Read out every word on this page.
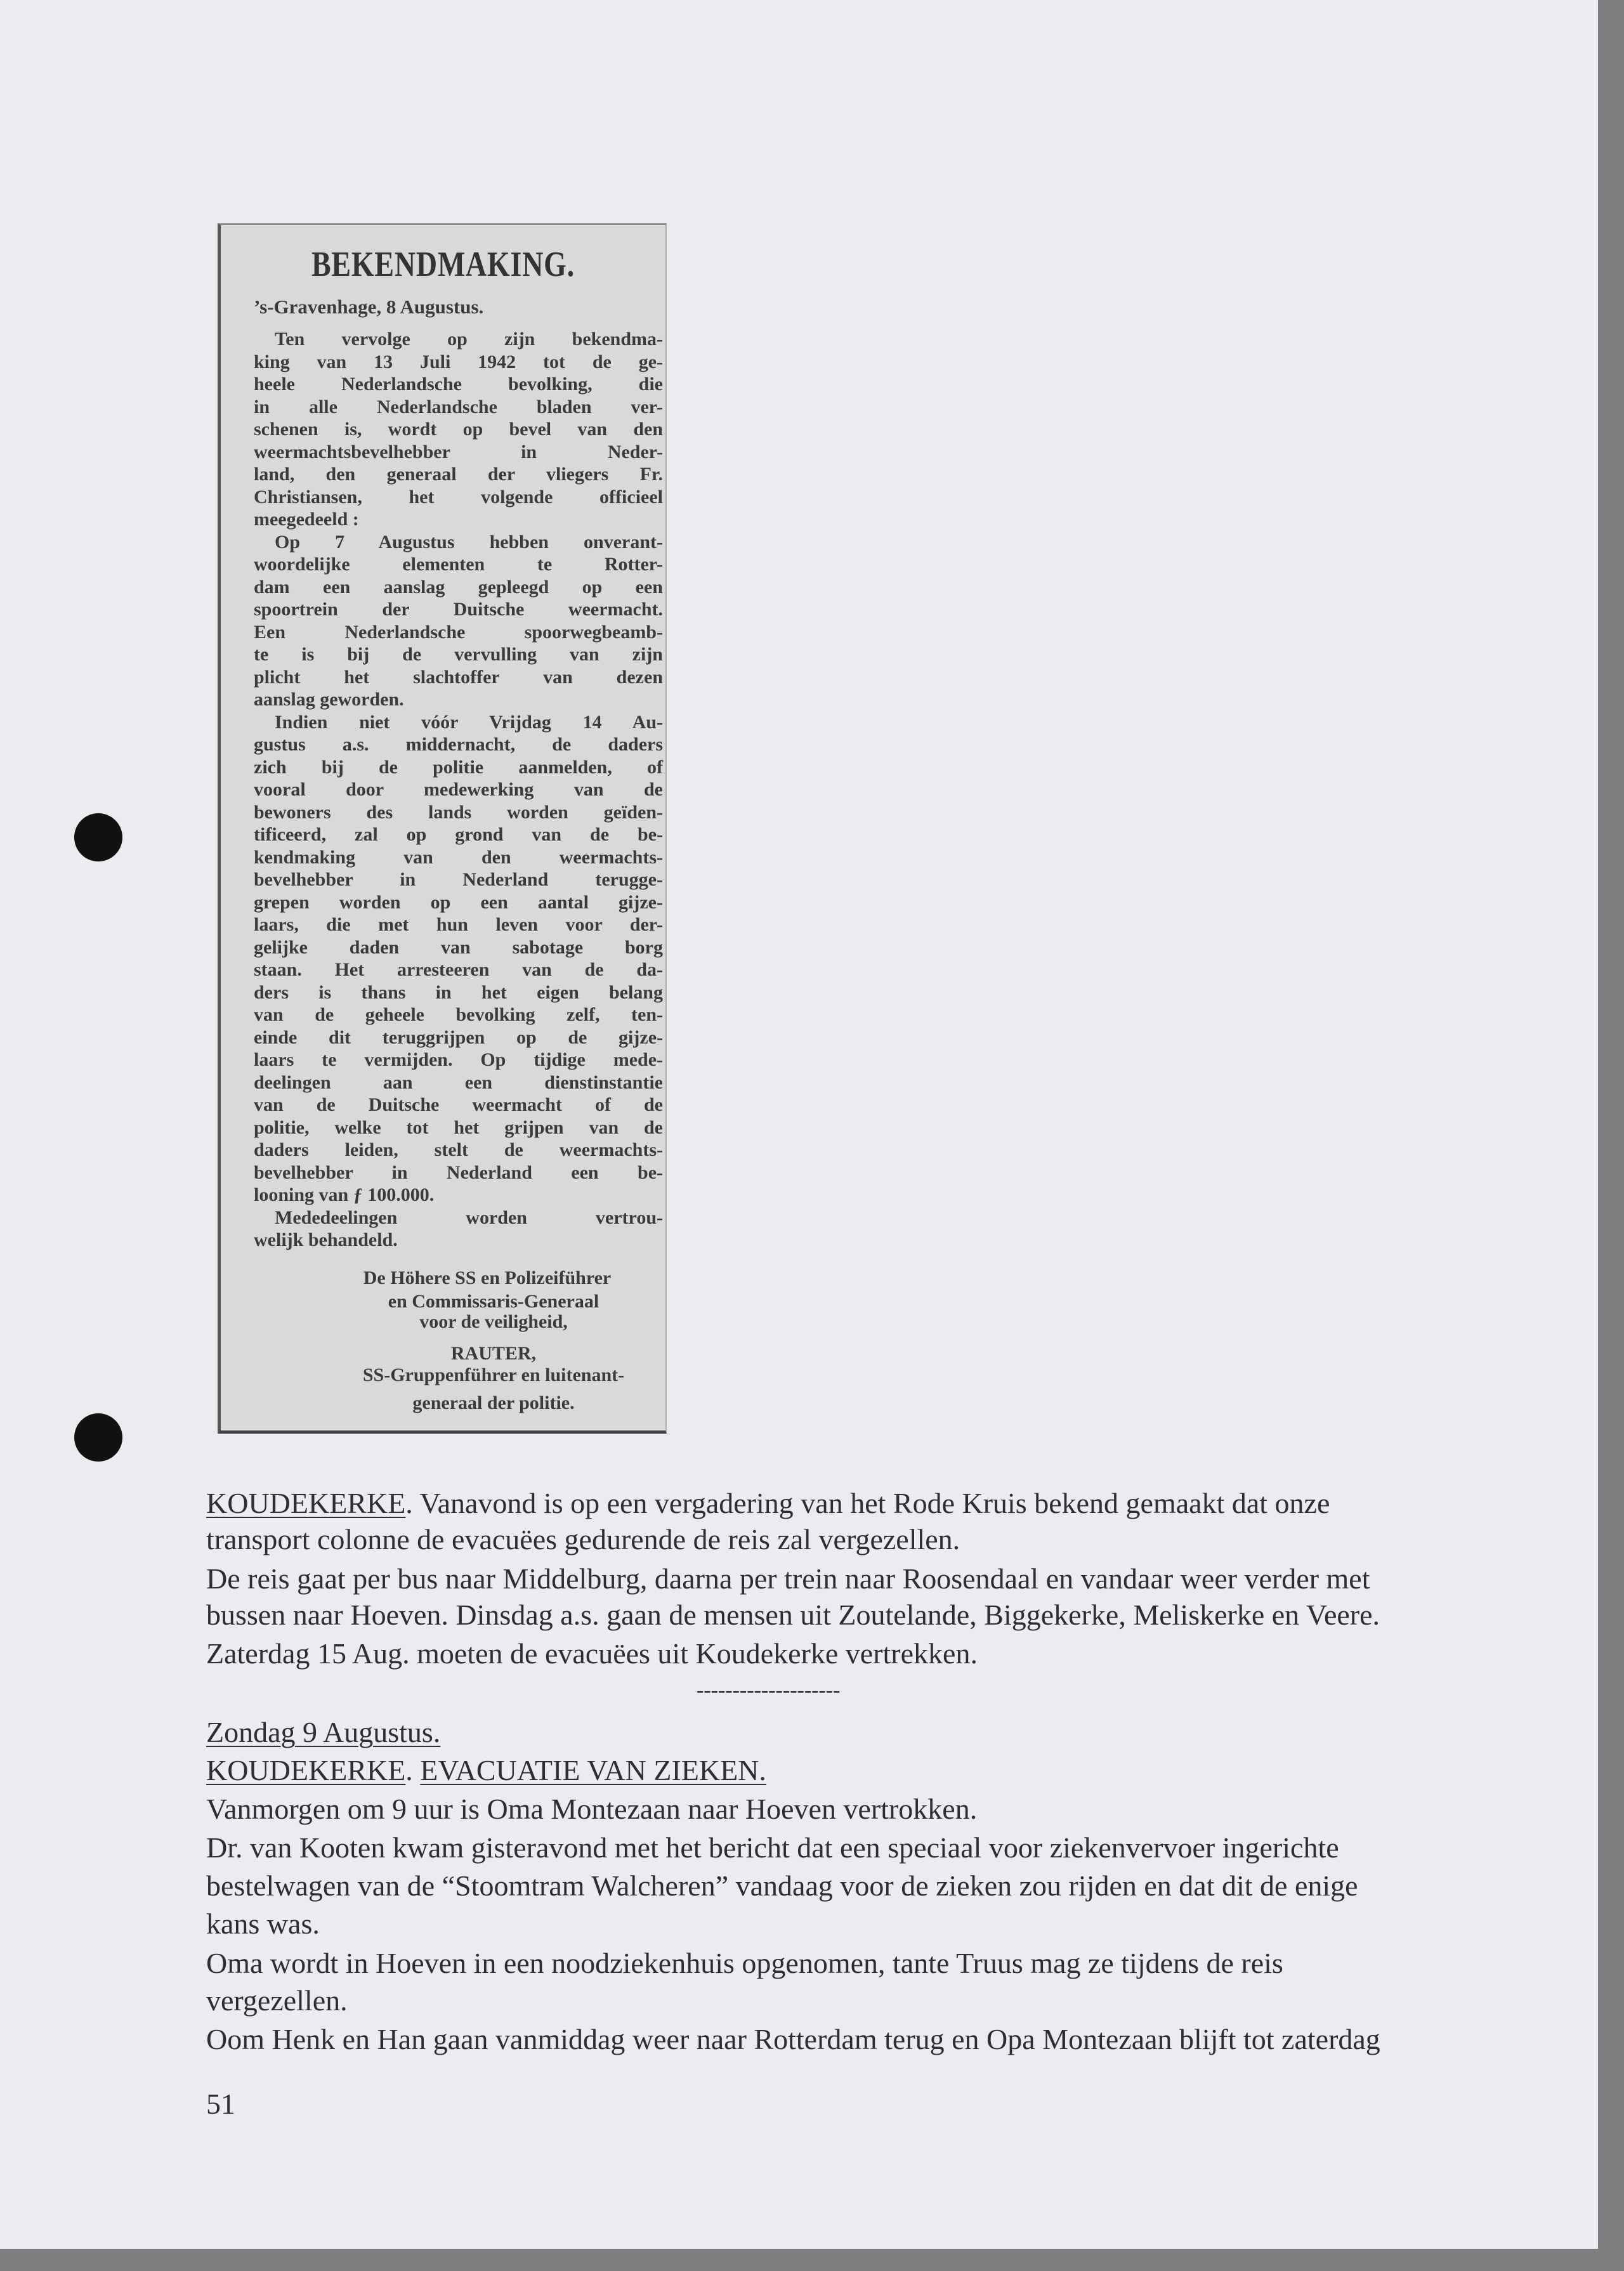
BEKENDMAKING.
’s-Gravenhage, 8 Augustus.
Ten vervolge op zijn bekendma-
king van 13 Juli 1942 tot de ge-
heele Nederlandsche bevolking, die
in alle Nederlandsche bladen ver-
schenen is, wordt op bevel van den
weermachtsbevelhebber in Neder-
land, den generaal der vliegers Fr.
Christiansen, het volgende officieel
meegedeeld :
Op 7 Augustus hebben onverant-
woordelijke elementen te Rotter-
dam een aanslag gepleegd op een
spoortrein der Duitsche weermacht.
Een Nederlandsche spoorwegbeamb-
te is bij de vervulling van zijn
plicht het slachtoffer van dezen
aanslag geworden.
Indien niet vóór Vrijdag 14 Au-
gustus a.s. middernacht, de daders
zich bij de politie aanmelden, of
vooral door medewerking van de
bewoners des lands worden geïden-
tificeerd, zal op grond van de be-
kendmaking van den weermachts-
bevelhebber in Nederland terugge-
grepen worden op een aantal gijze-
laars, die met hun leven voor der-
gelijke daden van sabotage borg
staan. Het arresteeren van de da-
ders is thans in het eigen belang
van de geheele bevolking zelf, ten-
einde dit teruggrijpen op de gijze-
laars te vermijden. Op tijdige mede-
deelingen aan een dienstinstantie
van de Duitsche weermacht of de
politie, welke tot het grijpen van de
daders leiden, stelt de weermachts-
bevelhebber in Nederland een be-
looning van ƒ 100.000.
Mededeelingen worden vertrou-
welijk behandeld.
De Höhere SS en Polizeiführer
en Commissaris-Generaal
voor de veiligheid,
RAUTER,
SS-Gruppenführer en luitenant-
generaal der politie.
KOUDEKERKE. Vanavond is op een vergadering van het Rode Kruis bekend gemaakt dat onze
transport colonne de evacuëes gedurende de reis zal vergezellen.
De reis gaat per bus naar Middelburg, daarna per trein naar Roosendaal en vandaar weer verder met
bussen naar Hoeven. Dinsdag a.s. gaan de mensen uit Zoutelande, Biggekerke, Meliskerke en Veere.
Zaterdag 15 Aug. moeten de evacuëes uit Koudekerke vertrekken.
--------------------
Zondag 9 Augustus.
KOUDEKERKE. EVACUATIE VAN ZIEKEN.
Vanmorgen om 9 uur is Oma Montezaan naar Hoeven vertrokken.
Dr. van Kooten kwam gisteravond met het bericht dat een speciaal voor ziekenvervoer ingerichte
bestelwagen van de “Stoomtram Walcheren” vandaag voor de zieken zou rijden en dat dit de enige
kans was.
Oma wordt in Hoeven in een noodziekenhuis opgenomen, tante Truus mag ze tijdens de reis
vergezellen.
Oom Henk en Han gaan vanmiddag weer naar Rotterdam terug en Opa Montezaan blijft tot zaterdag
51
